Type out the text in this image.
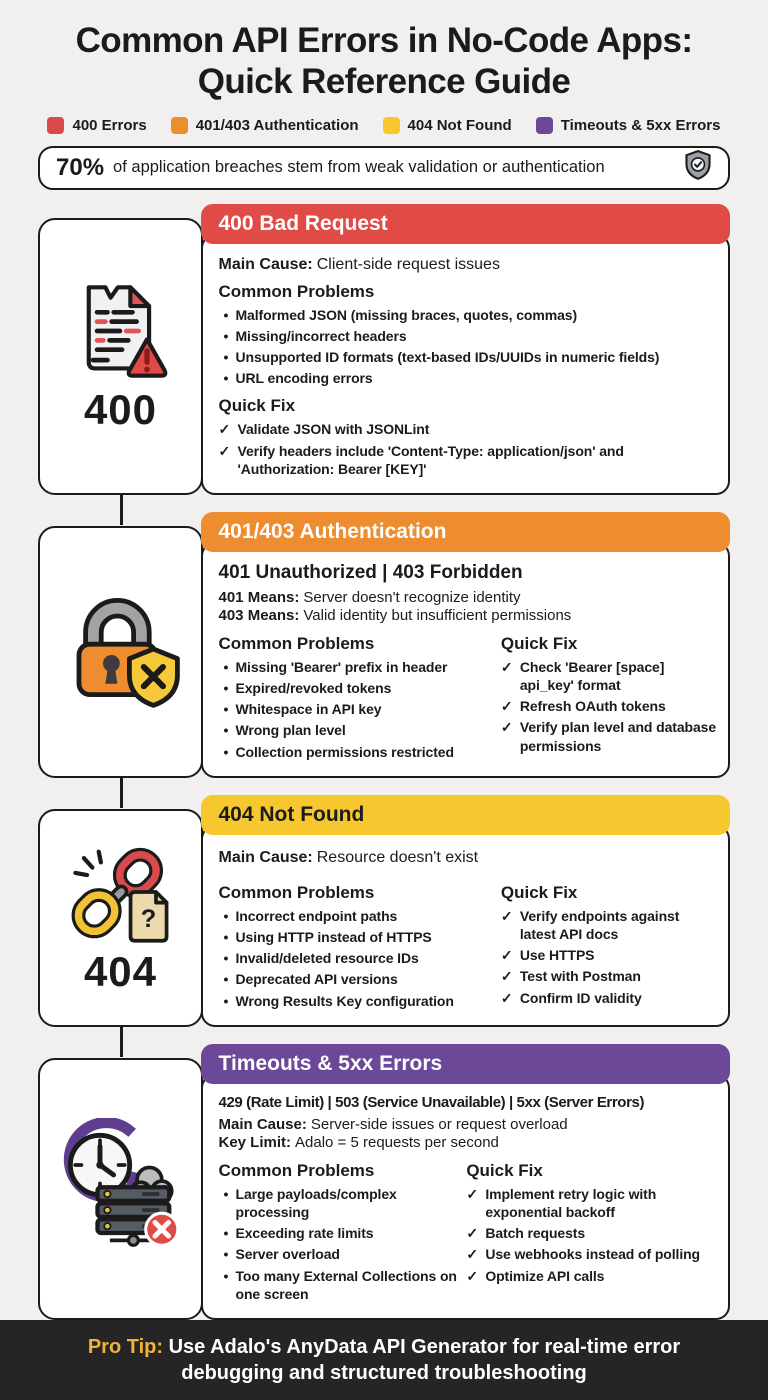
Common API Errors in No-Code Apps:
Quick Reference Guide
400 Errors	401/403 Authentication	404 Not Found	Timeouts & 5xx Errors
70% of application breaches stem from weak validation or authentication
400
400 Bad Request

Main Cause: Client-side request issues

Common Problems
• Malformed JSON (missing braces, quotes, commas)
• Missing/incorrect headers
• Unsupported ID formats (text-based IDs/UUIDs in numeric fields)
• URL encoding errors
Quick Fix
✓ Validate JSON with JSONLint
✓ Verify headers include 'Content-Type: application/json' and 'Authorization: Bearer [KEY]'
401/403 Authentication

401 Unauthorized | 403 Forbidden

401 Means: Server doesn't recognize identity

403 Means: Valid identity but insufficient permissions

Common Problems
• Missing 'Bearer' prefix in header
• Expired/revoked tokens
• Whitespace in API key
• Wrong plan level
• Collection permissions restricted
Quick Fix
✓ Check 'Bearer [space] api_key' format
✓ Refresh OAuth tokens
✓ Verify plan level and database permissions
?
404
404 Not Found

Main Cause: Resource doesn't exist

Common Problems
• Incorrect endpoint paths
• Using HTTP instead of HTTPS
• Invalid/deleted resource IDs
• Deprecated API versions
• Wrong Results Key configuration
Quick Fix
✓ Verify endpoints against latest API docs
✓ Use HTTPS
✓ Test with Postman
✓ Confirm ID validity
Timeouts & 5xx Errors

429 (Rate Limit) | 503 (Service Unavailable) | 5xx (Server Errors)

Main Cause: Server-side issues or request overload

Key Limit: Adalo = 5 requests per second

Common Problems
• Large payloads/complex processing
• Exceeding rate limits
• Server overload
• Too many External Collections on one screen
Quick Fix
✓ Implement retry logic with exponential backoff
✓ Batch requests
✓ Use webhooks instead of polling
✓ Optimize API calls
Pro Tip: Use Adalo's AnyData API Generator for real-time error debugging and structured troubleshooting
